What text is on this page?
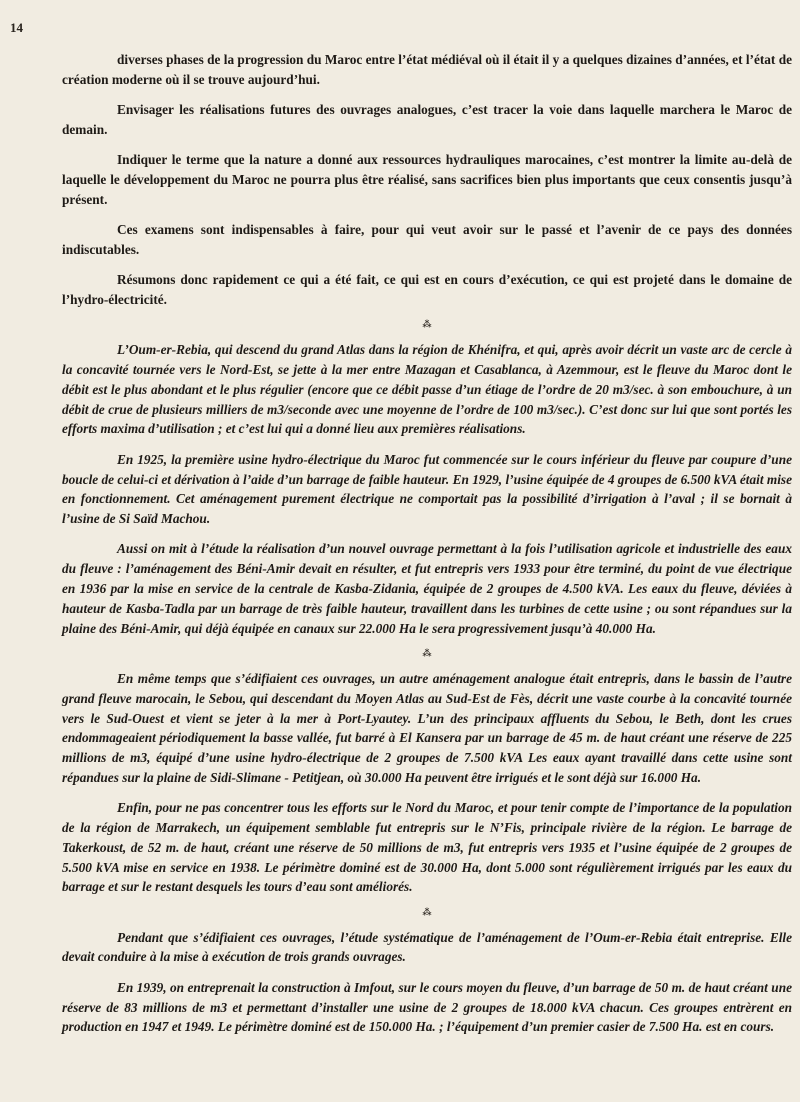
14

diverses phases de la progression du Maroc entre l’état médiéval où il était il y a quelques dizaines d’années, et l’état de création moderne où il se trouve aujourd’hui.

Envisager les réalisations futures des ouvrages analogues, c’est tracer la voie dans laquelle marchera le Maroc de demain.

Indiquer le terme que la nature a donné aux ressources hydrauliques marocaines, c’est montrer la limite au-delà de laquelle le développement du Maroc ne pourra plus être réalisé, sans sacrifices bien plus importants que ceux consentis jusqu’à présent.

Ces examens sont indispensables à faire, pour qui veut avoir sur le passé et l’avenir de ce pays des données indiscutables.

Résumons donc rapidement ce qui a été fait, ce qui est en cours d’exécution, ce qui est projeté dans le domaine de l’hydro-électricité.

⁂

L’Oum-er-Rebia, qui descend du grand Atlas dans la région de Khénifra, et qui, après avoir décrit un vaste arc de cercle à la concavité tournée vers le Nord-Est, se jette à la mer entre Mazagan et Casablanca, à Azemmour, est le fleuve du Maroc dont le débit est le plus abondant et le plus régulier (encore que ce débit passe d’un étiage de l’ordre de 20 m3/sec. à son embouchure, à un débit de crue de plusieurs milliers de m3/seconde avec une moyenne de l’ordre de 100 m3/sec.). C’est donc sur lui que sont portés les efforts maxima d’utilisation ; et c’est lui qui a donné lieu aux premières réalisations.

En 1925, la première usine hydro-électrique du Maroc fut commencée sur le cours inférieur du fleuve par coupure d’une boucle de celui-ci et dérivation à l’aide d’un barrage de faible hauteur. En 1929, l’usine équipée de 4 groupes de 6.500 kVA était mise en fonctionnement. Cet aménagement purement électrique ne comportait pas la possibilité d’irrigation à l’aval ; il se bornait à l’usine de Si Saïd Machou.

Aussi on mit à l’étude la réalisation d’un nouvel ouvrage permettant à la fois l’utilisation agricole et industrielle des eaux du fleuve : l’aménagement des Béni-Amir devait en résulter, et fut entrepris vers 1933 pour être terminé, du point de vue électrique en 1936 par la mise en service de la centrale de Kasba-Zidania, équipée de 2 groupes de 4.500 kVA. Les eaux du fleuve, déviées à hauteur de Kasba-Tadla par un barrage de très faible hauteur, travaillent dans les turbines de cette usine ; ou sont répandues sur la plaine des Béni-Amir, qui déjà équipée en canaux sur 22.000 Ha le sera progressivement jusqu’à 40.000 Ha.

⁂

En même temps que s’édifiaient ces ouvrages, un autre aménagement analogue était entrepris, dans le bassin de l’autre grand fleuve marocain, le Sebou, qui descendant du Moyen Atlas au Sud-Est de Fès, décrit une vaste courbe à la concavité tournée vers le Sud-Ouest et vient se jeter à la mer à Port-Lyautey. L’un des principaux affluents du Sebou, le Beth, dont les crues endommageaient périodiquement la basse vallée, fut barré à El Kansera par un barrage de 45 m. de haut créant une réserve de 225 millions de m3, équipé d’une usine hydro-électrique de 2 groupes de 7.500 kVA Les eaux ayant travaillé dans cette usine sont répandues sur la plaine de Sidi-Slimane - Petitjean, où 30.000 Ha peuvent être irrigués et le sont déjà sur 16.000 Ha.

Enfin, pour ne pas concentrer tous les efforts sur le Nord du Maroc, et pour tenir compte de l’importance de la population de la région de Marrakech, un équipement semblable fut entrepris sur le N’Fis, principale rivière de la région. Le barrage de Takerkoust, de 52 m. de haut, créant une réserve de 50 millions de m3, fut entrepris vers 1935 et l’usine équipée de 2 groupes de 5.500 kVA mise en service en 1938. Le périmètre dominé est de 30.000 Ha, dont 5.000 sont régulièrement irrigués par les eaux du barrage et sur le restant desquels les tours d’eau sont améliorés.

⁂

Pendant que s’édifiaient ces ouvrages, l’étude systématique de l’aménagement de l’Oum-er-Rebia était entreprise. Elle devait conduire à la mise à exécution de trois grands ouvrages.

En 1939, on entreprenait la construction à Imfout, sur le cours moyen du fleuve, d’un barrage de 50 m. de haut créant une réserve de 83 millions de m3 et permettant d’installer une usine de 2 groupes de 18.000 kVA chacun. Ces groupes entrèrent en production en 1947 et 1949. Le périmètre dominé est de 150.000 Ha. ; l’équipement d’un premier casier de 7.500 Ha. est en cours.
